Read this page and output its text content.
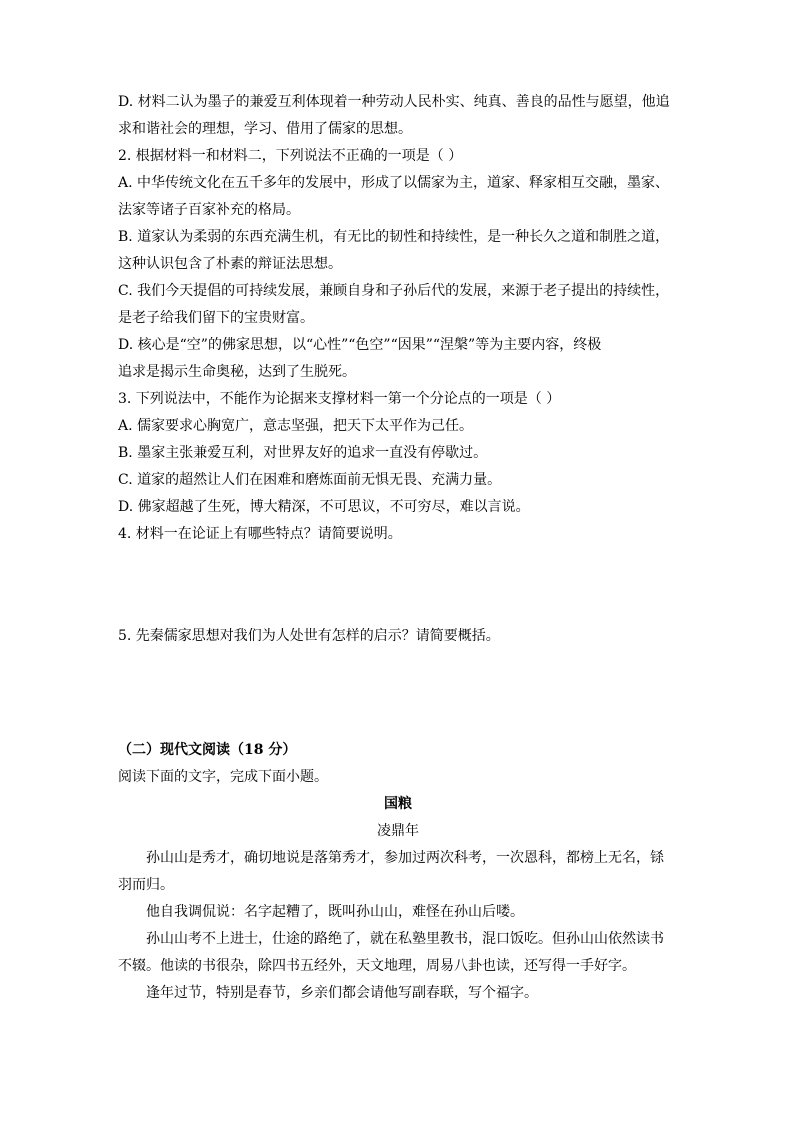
D. 材料二认为墨子的兼爱互利体现着一种劳动人民朴实、纯真、善良的品性与愿望，他追
求和谐社会的理想，学习、借用了儒家的思想。
2. 根据材料一和材料二，下列说法不正确的一项是（ ）
A. 中华传统文化在五千多年的发展中，形成了以儒家为主，道家、释家相互交融，墨家、
法家等诸子百家补充的格局。
B. 道家认为柔弱的东西充满生机，有无比的韧性和持续性，是一种长久之道和制胜之道，
这种认识包含了朴素的辩证法思想。
C. 我们今天提倡的可持续发展，兼顾自身和子孙后代的发展，来源于老子提出的持续性，
是老子给我们留下的宝贵财富。
D. 核心是“空”的佛家思想，以“心性”“色空”“因果”“涅槃”等为主要内容，终极
追求是揭示生命奥秘，达到了生脱死。
3. 下列说法中，不能作为论据来支撑材料一第一个分论点的一项是（ ）
A. 儒家要求心胸宽广，意志坚强，把天下太平作为己任。
B. 墨家主张兼爱互利，对世界友好的追求一直没有停歇过。
C. 道家的超然让人们在困难和磨炼面前无惧无畏、充满力量。
D. 佛家超越了生死，博大精深，不可思议，不可穷尽，难以言说。
4. 材料一在论证上有哪些特点？请简要说明。
5. 先秦儒家思想对我们为人处世有怎样的启示？请简要概括。
（二）现代文阅读（18 分）
阅读下面的文字，完成下面小题。
国粮
凌鼎年
孙山山是秀才，确切地说是落第秀才，参加过两次科考，一次恩科，都榜上无名，铩
羽而归。
他自我调侃说：名字起糟了，既叫孙山山，难怪在孙山后喽。
孙山山考不上进士，仕途的路绝了，就在私塾里教书，混口饭吃。但孙山山依然读书
不辍。他读的书很杂，除四书五经外，天文地理，周易八卦也读，还写得一手好字。
逢年过节，特别是春节，乡亲们都会请他写副春联，写个福字。
